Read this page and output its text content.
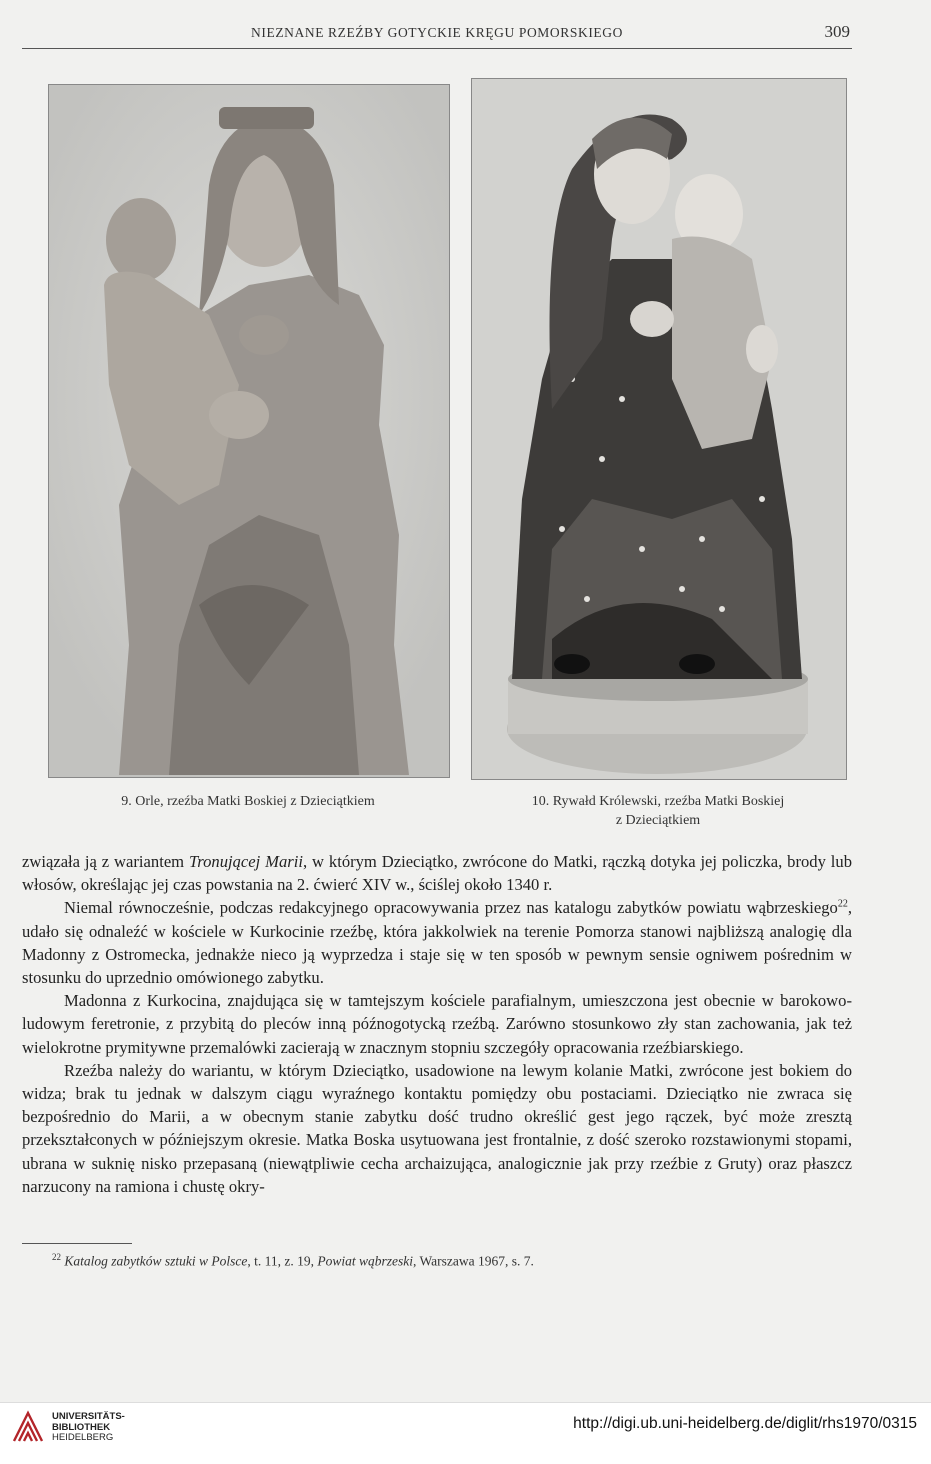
NIEZNANE RZEŹBY GOTYCKIE KRĘGU POMORSKIEGO	309
9. Orle, rzeźba Matki Boskiej z Dzieciątkiem	10. Rywałd Królewski, rzeźba Matki Boskiej
z Dzieciątkiem

związała ją z wariantem Tronującej Marii, w którym Dzieciątko, zwrócone do Matki, rączką dotyka jej policzka, brody lub włosów, określając jej czas powstania na 2. ćwierć XIV w., ściślej około 1340 r.

Niemal równocześnie, podczas redakcyjnego opracowywania przez nas katalogu zabytków powiatu wąbrzeskiego$^{22}$, udało się odnaleźć w kościele w Kurkocinie rzeźbę, która jakkolwiek na terenie Pomorza stanowi najbliższą analogię dla Madonny z Ostromecka, jednakże nieco ją wyprzedza i staje się w ten sposób w pewnym sensie ogniwem pośrednim w stosunku do uprzednio omówionego zabytku.

Madonna z Kurkocina, znajdująca się w tamtejszym kościele parafialnym, umieszczona jest obecnie w barokowo-ludowym feretronie, z przybitą do pleców inną późnogotycką rzeźbą. Zarówno stosunkowo zły stan zachowania, jak też wielokrotne prymitywne przemalówki zacierają w znacznym stopniu szczegóły opracowania rzeźbiarskiego.

Rzeźba należy do wariantu, w którym Dzieciątko, usadowione na lewym kolanie Matki, zwrócone jest bokiem do widza; brak tu jednak w dalszym ciągu wyraźnego kontaktu pomiędzy obu postaciami. Dzieciątko nie zwraca się bezpośrednio do Marii, a w obecnym stanie zabytku dość trudno określić gest jego rączek, być może zresztą przekształconych w późniejszym okresie. Matka Boska usytuowana jest frontalnie, z dość szeroko rozstawionymi stopami, ubrana w suknię nisko przepasaną (niewątpliwie cecha archaizująca, analogicznie jak przy rzeźbie z Gruty) oraz płaszcz narzucony na ramiona i chustę okry-

$^{22}$ Katalog zabytków sztuki w Polsce, t. 11, z. 19, Powiat wąbrzeski, Warszawa 1967, s. 7.
UNIVERSITÄTS-
BIBLIOTHEK
HEIDELBERG
http://digi.ub.uni-heidelberg.de/diglit/rhs1970/0315
